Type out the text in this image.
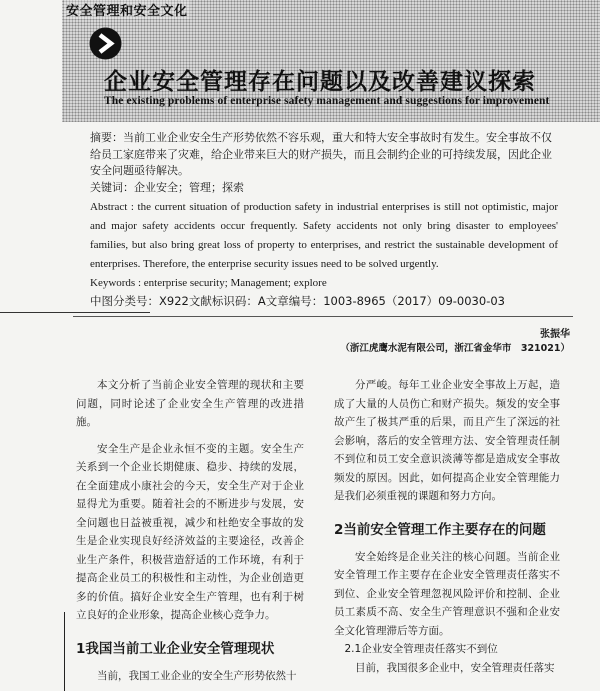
安全管理和安全文化
企业安全管理存在问题以及改善建议探索
The existing problems of enterprise safety management and suggestions for improvement

摘要：当前工业企业安全生产形势依然不容乐观，重大和特大安全事故时有发生。安全事故不仅给员工家庭带来了灾难，给企业带来巨大的财产损失，而且会制约企业的可持续发展，因此企业安全问题亟待解决。

关键词：企业安全；管理；探索

Abstract : the current situation of production safety in industrial enterprises is still not optimistic, major and major safety accidents occur frequently. Safety accidents not only bring disaster to employees' families, but also bring great loss of property to enterprises, and restrict the sustainable development of enterprises. Therefore, the enterprise security issues need to be solved urgently.

Keywords : enterprise security; Management; explore

中图分类号：X922文献标识码：A文章编号：1003-8965（2017）09-0030-03

张振华
（浙江虎鹰水泥有限公司，浙江省金华市　321021）

本文分析了当前企业安全管理的现状和主要问题，同时论述了企业安全生产管理的改进措施。

安全生产是企业永恒不变的主题。安全生产关系到一个企业长期健康、稳步、持续的发展，在全面建成小康社会的今天，安全生产对于企业显得尤为重要。随着社会的不断进步与发展，安全问题也日益被重视，减少和杜绝安全事故的发生是企业实现良好经济效益的主要途径，改善企业生产条件，积极营造舒适的工作环境，有利于提高企业员工的积极性和主动性，为企业创造更多的价值。搞好企业安全生产管理，也有利于树立良好的企业形象，提高企业核心竞争力。

1我国当前工业企业安全管理现状

当前，我国工业企业的安全生产形势依然十

分严峻。每年工业企业安全事故上万起，造成了大量的人员伤亡和财产损失。频发的安全事故产生了极其严重的后果，而且产生了深远的社会影响，落后的安全管理方法、安全管理责任制不到位和员工安全意识淡薄等都是造成安全事故频发的原因。因此，如何提高企业安全管理能力是我们必须重视的课题和努力方向。

2当前安全管理工作主要存在的问题

安全始终是企业关注的核心问题。当前企业安全管理工作主要存在企业安全管理责任落实不到位、企业安全管理忽视风险评价和控制、企业员工素质不高、安全生产管理意识不强和企业安全文化管理滞后等方面。

2.1企业安全管理责任落实不到位

目前，我国很多企业中，安全管理责任落实
